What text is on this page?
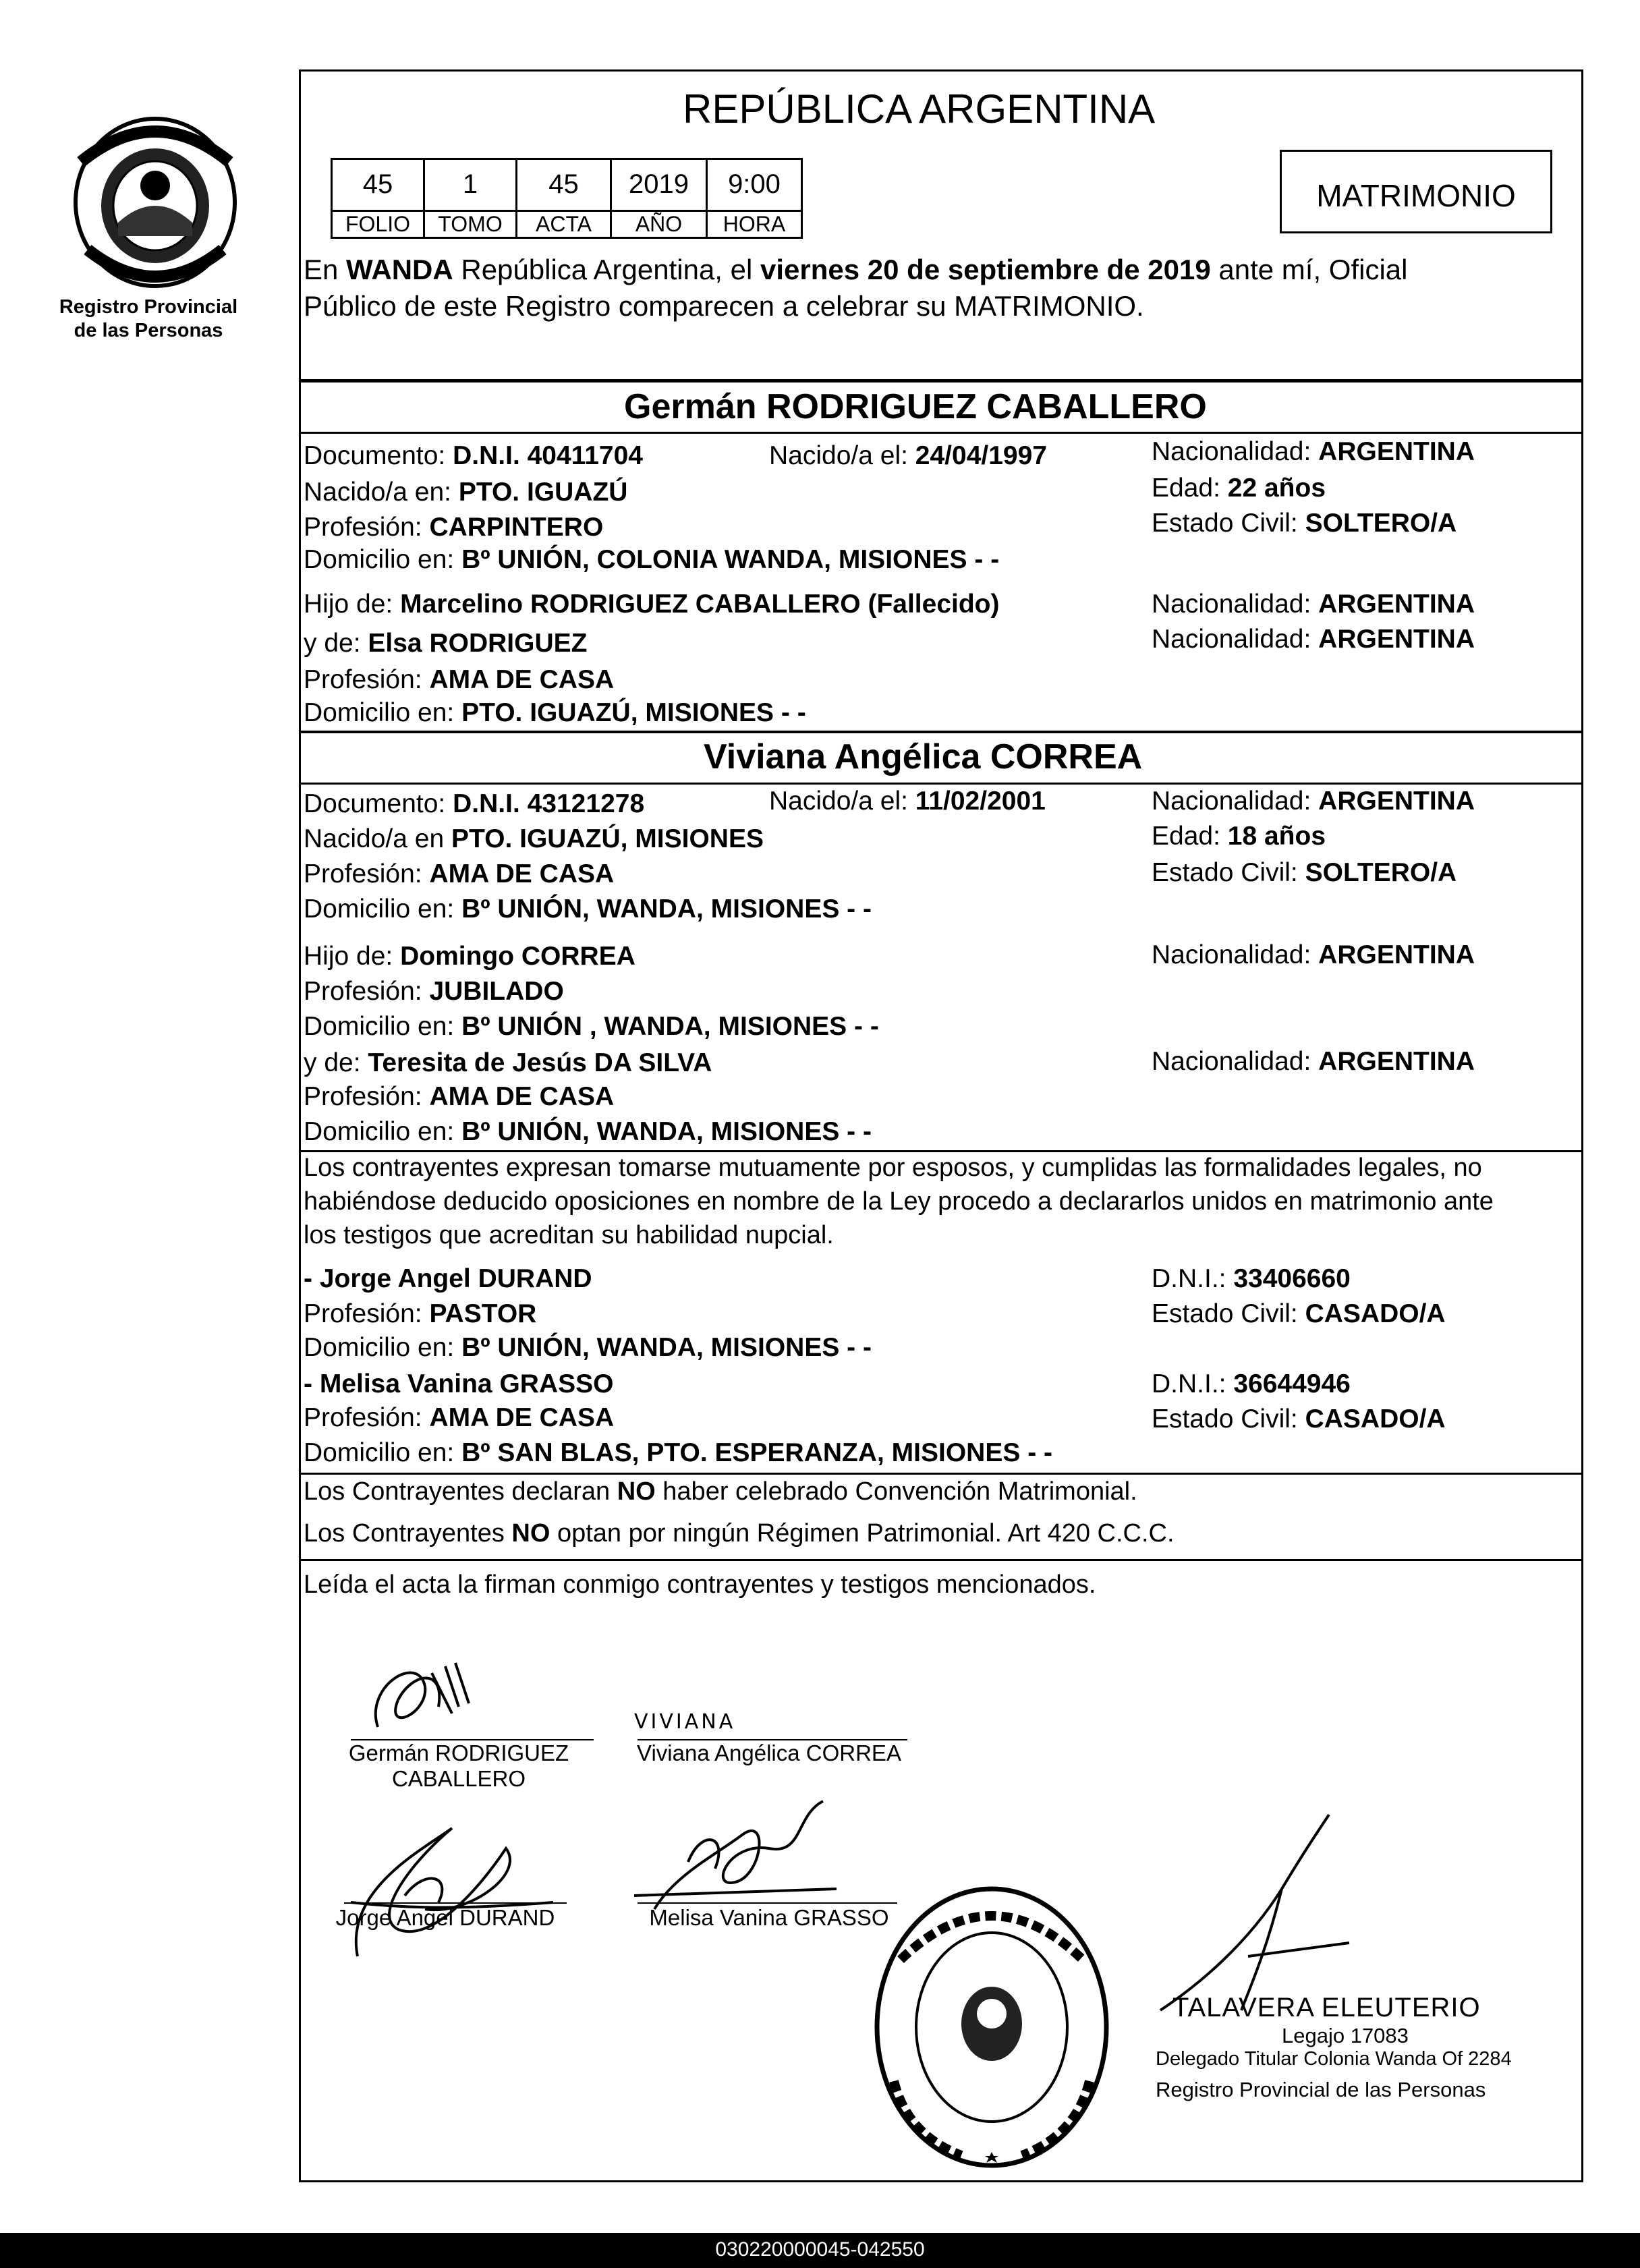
Registro Provincial
de las Personas
REPÚBLICA ARGENTINA
45	1	45	2019	9:00
FOLIO	TOMO	ACTA	AÑO	HORA
MATRIMONIO
En WANDA República Argentina, el viernes 20 de septiembre de 2019 ante mí, Oficial
Público de este Registro comparecen a celebrar su MATRIMONIO.
Germán RODRIGUEZ CABALLERO
Documento: D.N.I. 40411704	Nacido/a el: 24/04/1997	Nacionalidad: ARGENTINA
Nacido/a en: PTO. IGUAZÚ	Edad: 22 años
Profesión: CARPINTERO	Estado Civil: SOLTERO/A
Domicilio en: Bº UNIÓN, COLONIA WANDA, MISIONES - -
Hijo de: Marcelino RODRIGUEZ CABALLERO (Fallecido)	Nacionalidad: ARGENTINA
y de: Elsa RODRIGUEZ	Nacionalidad: ARGENTINA
Profesión: AMA DE CASA
Domicilio en: PTO. IGUAZÚ, MISIONES - -
Viviana Angélica CORREA
Documento: D.N.I. 43121278	Nacido/a el: 11/02/2001	Nacionalidad: ARGENTINA
Nacido/a en PTO. IGUAZÚ, MISIONES	Edad: 18 años
Profesión: AMA DE CASA	Estado Civil: SOLTERO/A
Domicilio en: Bº UNIÓN, WANDA, MISIONES - -
Hijo de: Domingo CORREA	Nacionalidad: ARGENTINA
Profesión: JUBILADO
Domicilio en: Bº UNIÓN , WANDA, MISIONES - -
y de: Teresita de Jesús DA SILVA	Nacionalidad: ARGENTINA
Profesión: AMA DE CASA
Domicilio en: Bº UNIÓN, WANDA, MISIONES - -
Los contrayentes expresan tomarse mutuamente por esposos, y cumplidas las formalidades legales, no
habiéndose deducido oposiciones en nombre de la Ley procedo a declararlos unidos en matrimonio ante
los testigos que acreditan su habilidad nupcial.
- Jorge Angel DURAND	D.N.I.: 33406660
Profesión: PASTOR	Estado Civil: CASADO/A
Domicilio en: Bº UNIÓN, WANDA, MISIONES - -
- Melisa Vanina GRASSO	D.N.I.: 36644946
Profesión: AMA DE CASA	Estado Civil: CASADO/A
Domicilio en: Bº SAN BLAS, PTO. ESPERANZA, MISIONES - -
Los Contrayentes declaran NO haber celebrado Convención Matrimonial.
Los Contrayentes NO optan por ningún Régimen Patrimonial. Art 420 C.C.C.
Leída el acta la firman conmigo contrayentes y testigos mencionados.
Germán RODRIGUEZ
CABALLERO
VIVIANA
Viviana Angélica CORREA
Jorge Angel DURAND	Melisa Vanina GRASSO
TALAVERA ELEUTERIO
Legajo 17083
Delegado Titular Colonia Wanda Of 2284
Registro Provincial de las Personas
030220000045-042550
